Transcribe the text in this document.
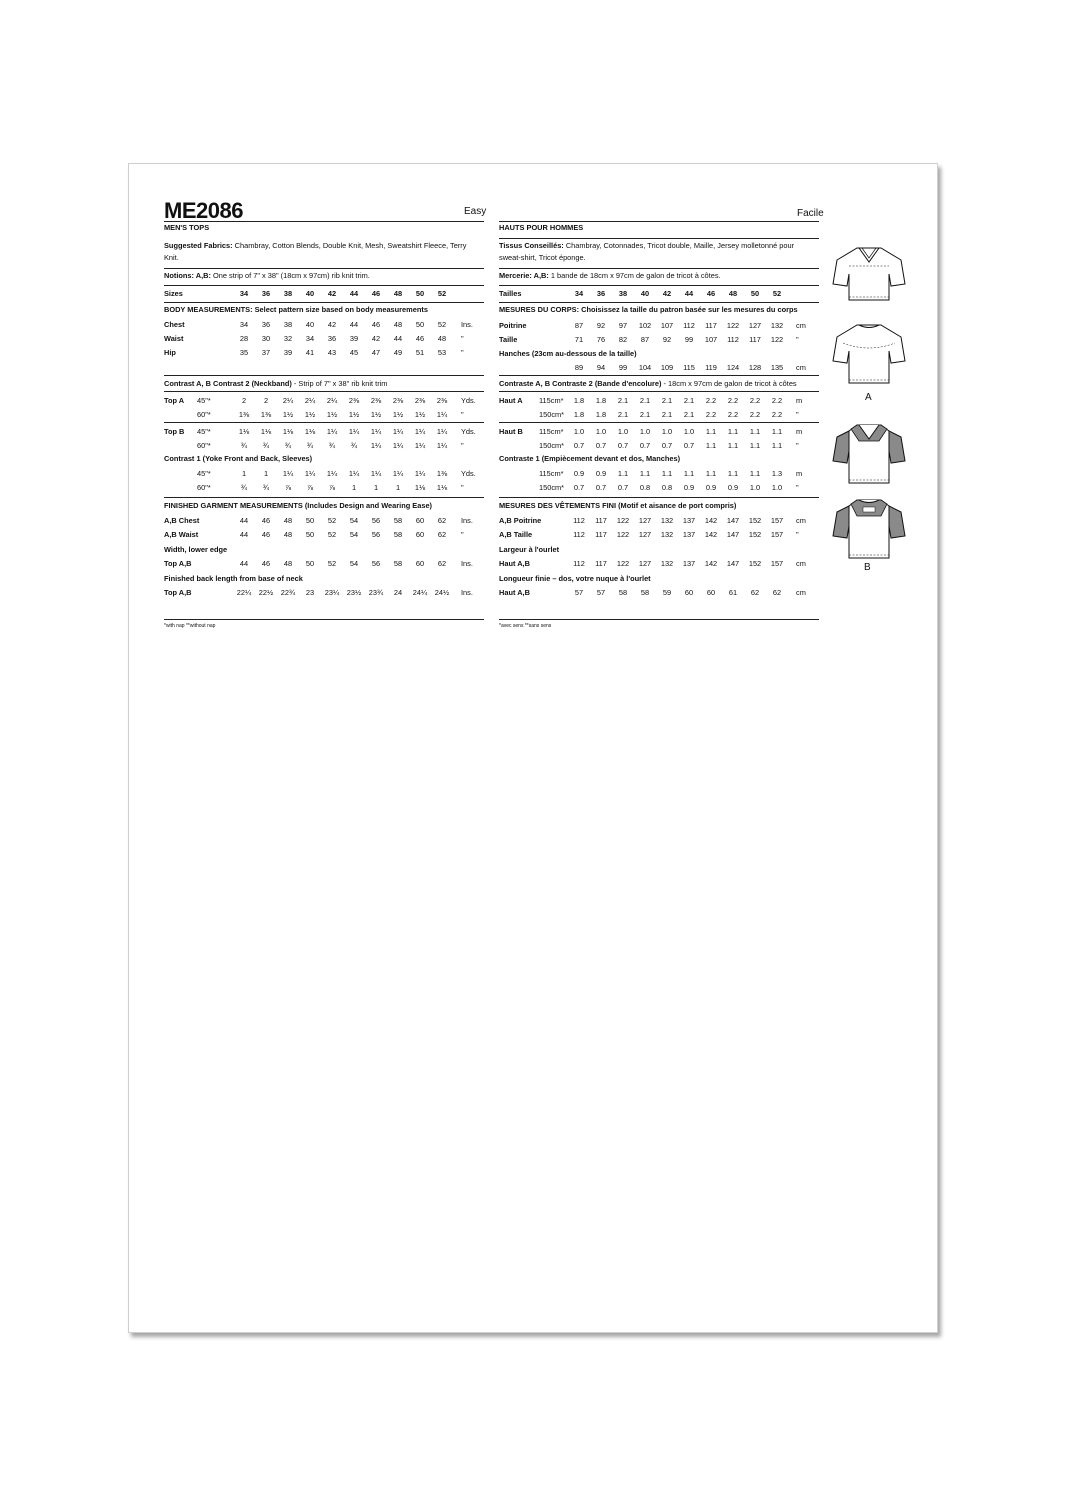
ME2086	Easy
MEN'S TOPS
Suggested Fabrics: Chambray, Cotton Blends, Double Knit, Mesh, Sweatshirt Fleece, Terry
Knit.
Notions: A,B: One strip of 7" x 38" (18cm x 97cm) rib knit trim.
Sizes	34	36	38	40	42	44	46	48	50	52
BODY MEASUREMENTS: Select pattern size based on body measurements
Contrast A, B Contrast 2 (Neckband) - Strip of 7" x 38" rib knit trim
Contrast 1 (Yoke Front and Back, Sleeves)
FINISHED GARMENT MEASUREMENTS (Includes Design and Wearing Ease)
Width, lower edge
Finished back length from base of neck
*with nap **without nap
Chest	34	36	38	40	42	44	46	48	50	52	Ins.
Waist	28	30	32	34	36	39	42	44	46	48	"
Hip	35	37	39	41	43	45	47	49	51	53	"
Top A 45"*	2	2	2¼	2¼	2¼	2⅜	2⅜	2⅜	2⅜	2⅜	Yds.
60"*	1⅜	1⅜	1½	1½	1½	1½	1½	1½	1½	1¼	"
Top B 45"*	1⅛	1⅛	1⅛	1⅛	1¼	1¼	1¼	1¼	1¼	1¼	Yds.
60"*	¾	¾	¾	¾	¾	¾	1¼	1¼	1¼	1¼	"
45"*	1	1	1¼	1¼	1¼	1¼	1¼	1¼	1¼	1⅜	Yds.
60"*	¾	¾	⅞	⅞	⅞	1	1	1	1⅛	1⅛	"
A,B Chest	44	46	48	50	52	54	56	58	60	62	Ins.
A,B Waist	44	46	48	50	52	54	56	58	60	62	"
Top A,B	44	46	48	50	52	54	56	58	60	62	Ins.
Top A,B	22¼	22½	22¾	23	23¼	23½	23¾	24	24¼	24½	Ins.
Facile
HAUTS POUR HOMMES
Tissus Conseillés: Chambray, Cotonnades, Tricot double, Maille, Jersey molletonné pour
sweat-shirt, Tricot éponge.
Mercerie: A,B: 1 bande de 18cm x 97cm de galon de tricot à côtes.
Tailles	34	36	38	40	42	44	46	48	50	52
MESURES DU CORPS: Choisissez la taille du patron basée sur les mesures du corps
Hanches (23cm au-dessous de la taille)
Contraste A, B Contraste 2 (Bande d'encolure) - 18cm x 97cm de galon de tricot à côtes
Contraste 1 (Empiècement devant et dos, Manches)
MESURES DES VÊTEMENTS FINI (Motif et aisance de port compris)
Largeur à l'ourlet
Longueur finie – dos, votre nuque à l'ourlet
*avec sens **sans sens
Poitrine	87	92	97	102	107	112	117	122	127	132	cm
Taille	71	76	82	87	92	99	107	112	117	122	"
89	94	99	104	109	115	119	124	128	135	cm
Haut A 115cm*	1.8	1.8	2.1	2.1	2.1	2.1	2.2	2.2	2.2	2.2	m
150cm*	1.8	1.8	2.1	2.1	2.1	2.1	2.2	2.2	2.2	2.2	"
Haut B 115cm*	1.0	1.0	1.0	1.0	1.0	1.0	1.1	1.1	1.1	1.1	m
150cm*	0.7	0.7	0.7	0.7	0.7	0.7	1.1	1.1	1.1	1.1	"
115cm*	0.9	0.9	1.1	1.1	1.1	1.1	1.1	1.1	1.1	1.3	m
150cm*	0.7	0.7	0.7	0.8	0.8	0.9	0.9	0.9	1.0	1.0	"
A,B Poitrine	112	117	122	127	132	137	142	147	152	157	cm
A,B Taille	112	117	122	127	132	137	142	147	152	157	"
Haut A,B	112	117	122	127	132	137	142	147	152	157	cm
Haut A,B	57	57	58	58	59	60	60	61	62	62	cm
A
B
